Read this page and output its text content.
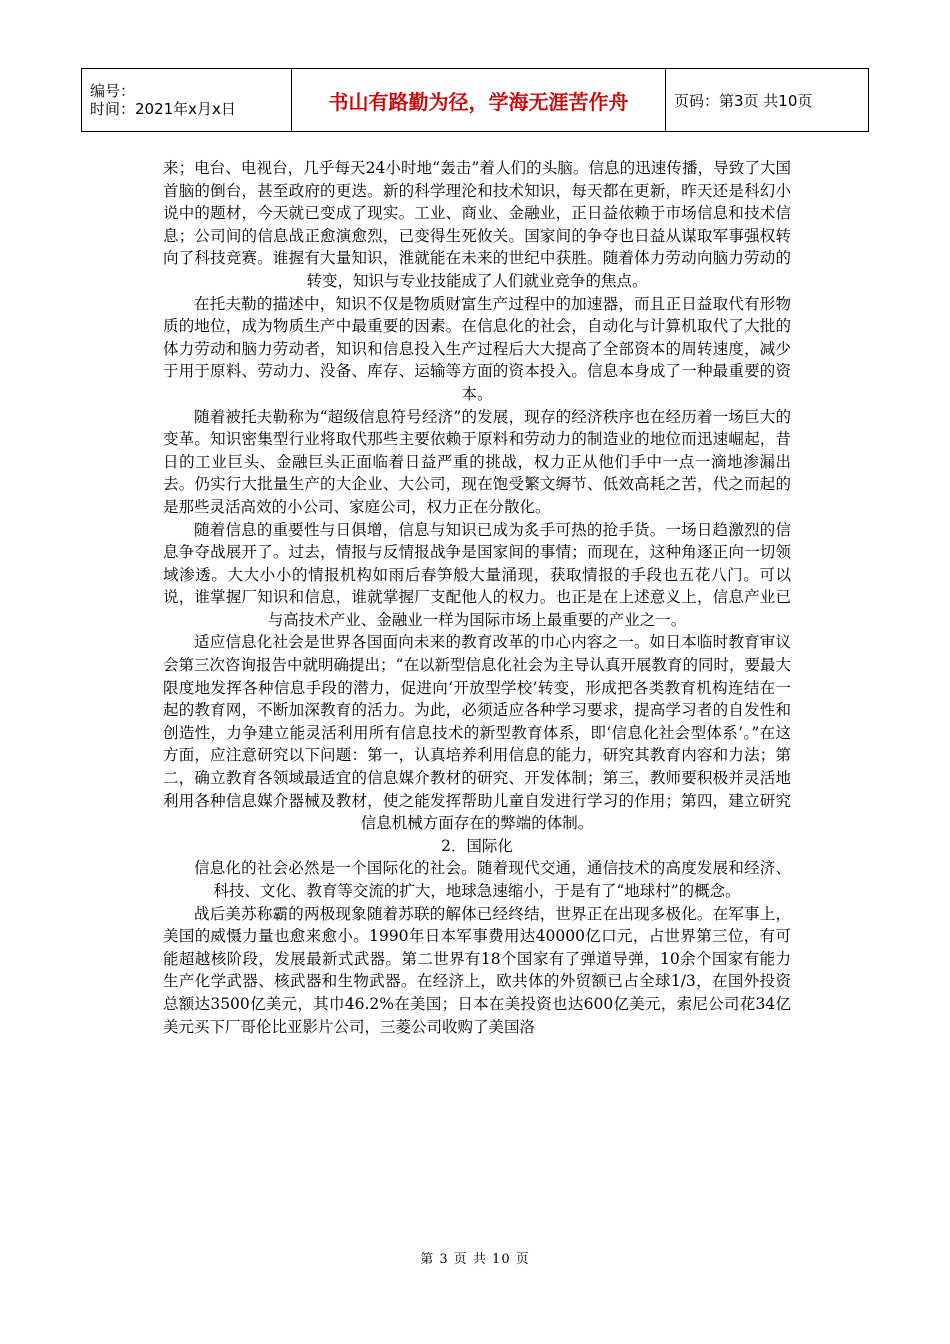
编号：
时间：2021年x月x日	书山有路勤为径，学海无涯苦作舟	页码：第3页 共10页

来；电台、电视台，几乎每天24小时地“轰击”着人们的头脑。信息的迅速传播，导致了大国首脑的倒台，甚至政府的更迭。新的科学理沦和技术知识，每天都在更新，昨天还是科幻小说中的题材，今天就已变成了现实。工业、商业、金融业，正日益依赖于市场信息和技术信息；公司间的信息战正愈演愈烈，已变得生死攸关。国家间的争夺也日益从谋取军事强权转向了科技竞赛。谁握有大量知识，淮就能在未来的世纪中获胜。随着体力劳动向脑力劳动的转变，知识与专业技能成了人们就业竞争的焦点。

在托夫勒的描述中，知识不仅是物质财富生产过程中的加速器，而且正日益取代有形物质的地位，成为物质生产中最重要的因素。在信息化的社会，自动化与计算机取代了大批的体力劳动和脑力劳动者，知识和信息投入生产过程后大大提高了全部资本的周转速度，减少于用于原料、劳动力、没备、库存、运输等方面的资本投入。信息本身成了一种最重要的资本。

随着被托夫勒称为“超级信息符号经济”的发展，现存的经济秩序也在经历着一场巨大的变革。知识密集型行业将取代那些主要依赖于原料和劳动力的制造业的地位而迅速崛起，昔日的工业巨头、金融巨头正面临着日益严重的挑战，权力正从他们手中一点一滴地渗漏出去。仍实行大批量生产的大企业、大公司，现在饱受繁文缛节、低效高耗之苦，代之而起的是那些灵活高效的小公司、家庭公司，权力正在分散化。

随着信息的重要性与日俱增，信息与知识已成为炙手可热的抢手货。一场日趋激烈的信息争夺战展开了。过去，情报与反情报战争是国家间的事情；而现在，这种角逐正向一切领域渗透。大大小小的情报机构如雨后春笋般大量涌现，获取情报的手段也五花八门。可以说，谁掌握厂知识和信息，谁就掌握厂支配他人的权力。也正是在上述意义上，信息产业已与高技术产业、金融业一样为国际市场上最重要的产业之一。

适应信息化社会是世界各国面向未来的教育改革的巾心内容之一。如日本临时教育审议会第三次咨询报告中就明确提出；“在以新型信息化社会为主导认真开展教育的同时，要最大限度地发挥各种信息手段的潜力，促进向‘开放型学校’转变，形成把各类教育机构连结在一起的教育网，不断加深教育的活力。为此，必须适应各种学习要求，提高学习者的自发性和创造性，力争建立能灵活利用所有信息技术的新型教育体系，即‘信息化社会型体系’。”在这方面，应注意研究以下问题：第一，认真培养利用信息的能力，研究其教育内容和力法；第二，确立教育各领域最适宜的信息媒介教材的研究、开发体制；第三，教师要积极并灵活地利用各种信息媒介器械及教材，使之能发挥帮助儿童自发进行学习的作用；第四，建立研究信息机械方面存在的弊端的体制。

2．国际化

信息化的社会必然是一个国际化的社会。随着现代交通，通信技术的高度发展和经济、科技、文化、教育等交流的扩大，地球急速缩小，于是有了“地球村”的概念。

战后美苏称霸的两极现象随着苏联的解体已经终结，世界正在出现多极化。在军事上，美国的威慑力量也愈来愈小。1990年日本军事费用达40000亿口元，占世界第三位，有可能超越核阶段，发展最新式武器。第二世界有18个国家有了弹道导弹，10余个国家有能力生产化学武器、核武器和生物武器。在经济上，欧共体的外贸额已占全球1/3，在国外投资总额达3500亿美元，其巾46.2%在美国；日本在美投资也达600亿美元，索尼公司花34亿美元买下厂哥伦比亚影片公司，三菱公司收购了美国洛

第 3 页 共 10 页
